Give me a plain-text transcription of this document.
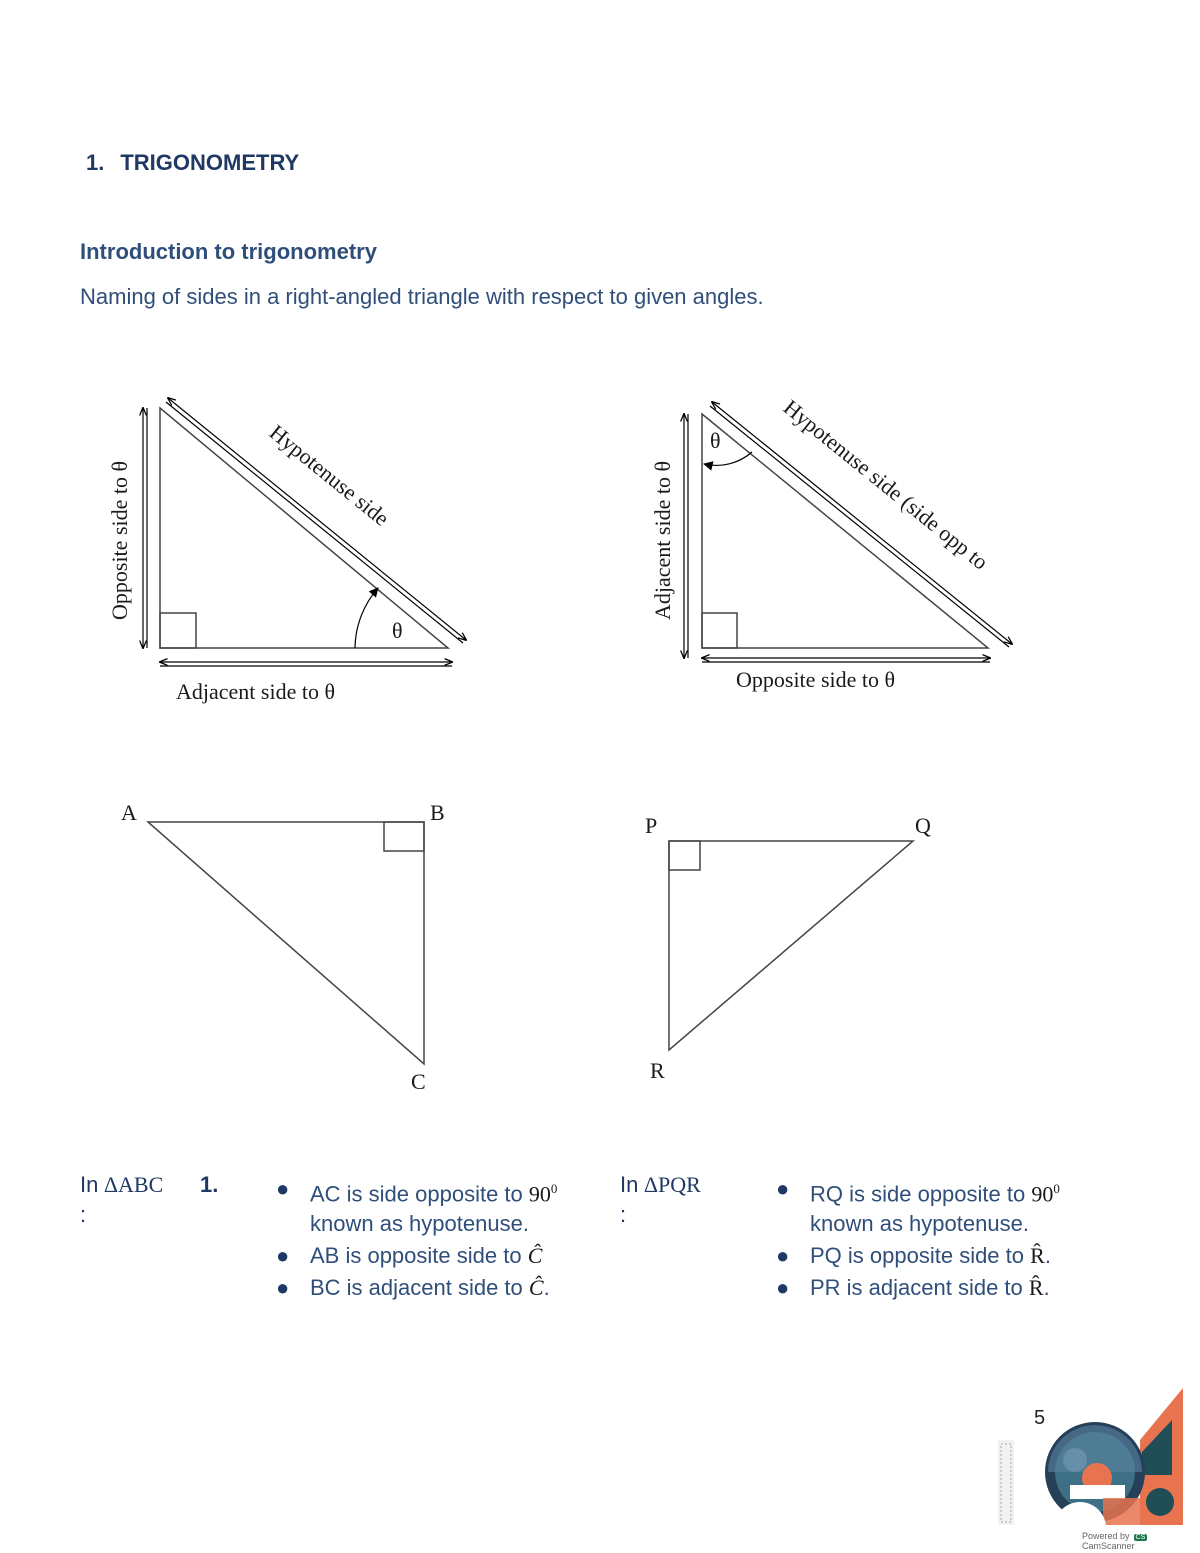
1. TRIGONOMETRY
Introduction to trigonometry
Naming of sides in a right-angled triangle with respect to given angles.
Opposite side to θ	Hypotenuse side
θ
Adjacent side to θ
Adjacent side to θ
θ	Hypotenuse side (side opp to
Opposite side to θ
A	B
C
P	Q
R
In ΔABC
:
1.	● AC is side opposite to $90^0$
known as hypotenuse.
● AB is opposite side to Ĉ
● BC is adjacent side to Ĉ.
In ΔPQR
:
● RQ is side opposite to $90^0$
known as hypotenuse.
● PQ is opposite side to R̂.
● PR is adjacent side to R̂.
5
Powered by CSCamScanner
